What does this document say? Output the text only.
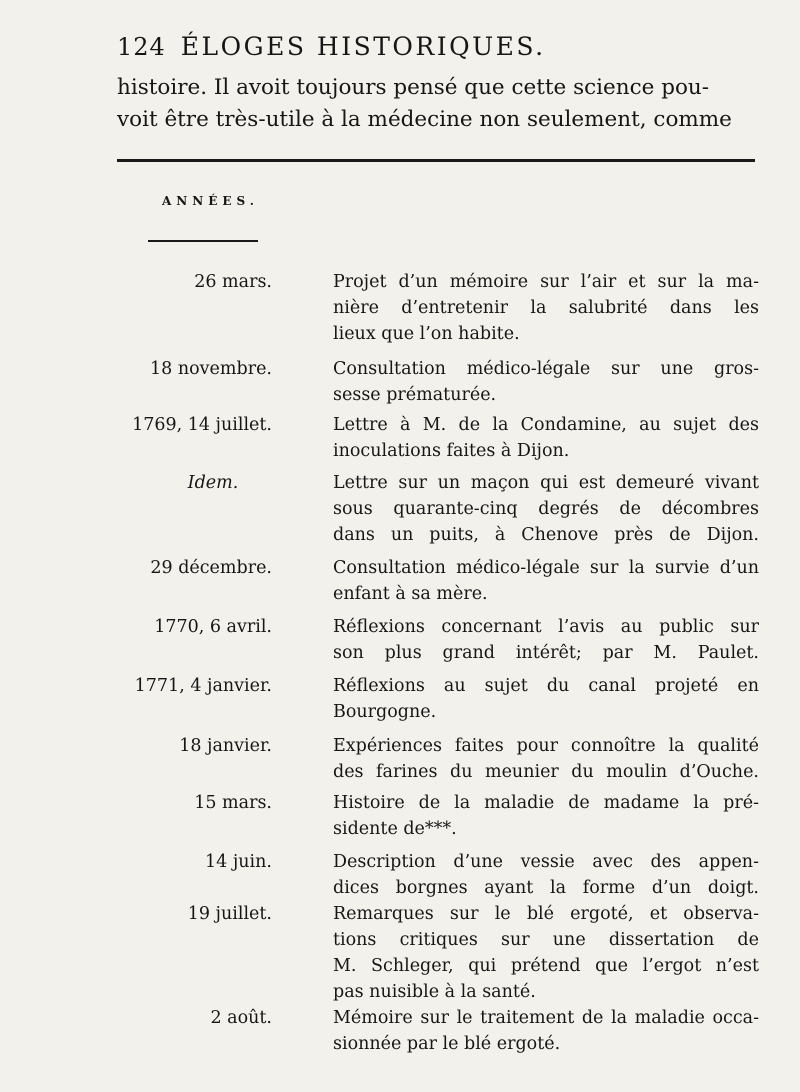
124 ÉLOGES HISTORIQUES.
histoire. Il avoit toujours pensé que cette science pou-
voit être très-utile à la médecine non seulement, comme
ANNÉES.
26 mars.	Projet d’un mémoire sur l’air et sur la ma-
nière d’entretenir la salubrité dans les
lieux que l’on habite.
18 novembre.	Consultation médico-légale sur une gros-
sesse prématurée.
1769, 14 juillet.	Lettre à M. de la Condamine, au sujet des
inoculations faites à Dijon.
Idem.	Lettre sur un maçon qui est demeuré vivant
sous quarante-cinq degrés de décombres
dans un puits, à Chenove près de Dijon.
29 décembre.	Consultation médico-légale sur la survie d’un
enfant à sa mère.
1770, 6 avril.	Réflexions concernant l’avis au public sur
son plus grand intérêt; par M. Paulet.
1771, 4 janvier.	Réflexions au sujet du canal projeté en
Bourgogne.
18 janvier.	Expériences faites pour connoître la qualité
des farines du meunier du moulin d’Ouche.
15 mars.	Histoire de la maladie de madame la pré-
sidente de***.
14 juin.	Description d’une vessie avec des appen-
dices borgnes ayant la forme d’un doigt.
19 juillet.	Remarques sur le blé ergoté, et observa-
tions critiques sur une dissertation de
M. Schleger, qui prétend que l’ergot n’est
pas nuisible à la santé.
2 août.	Mémoire sur le traitement de la maladie occa-
sionnée par le blé ergoté.
